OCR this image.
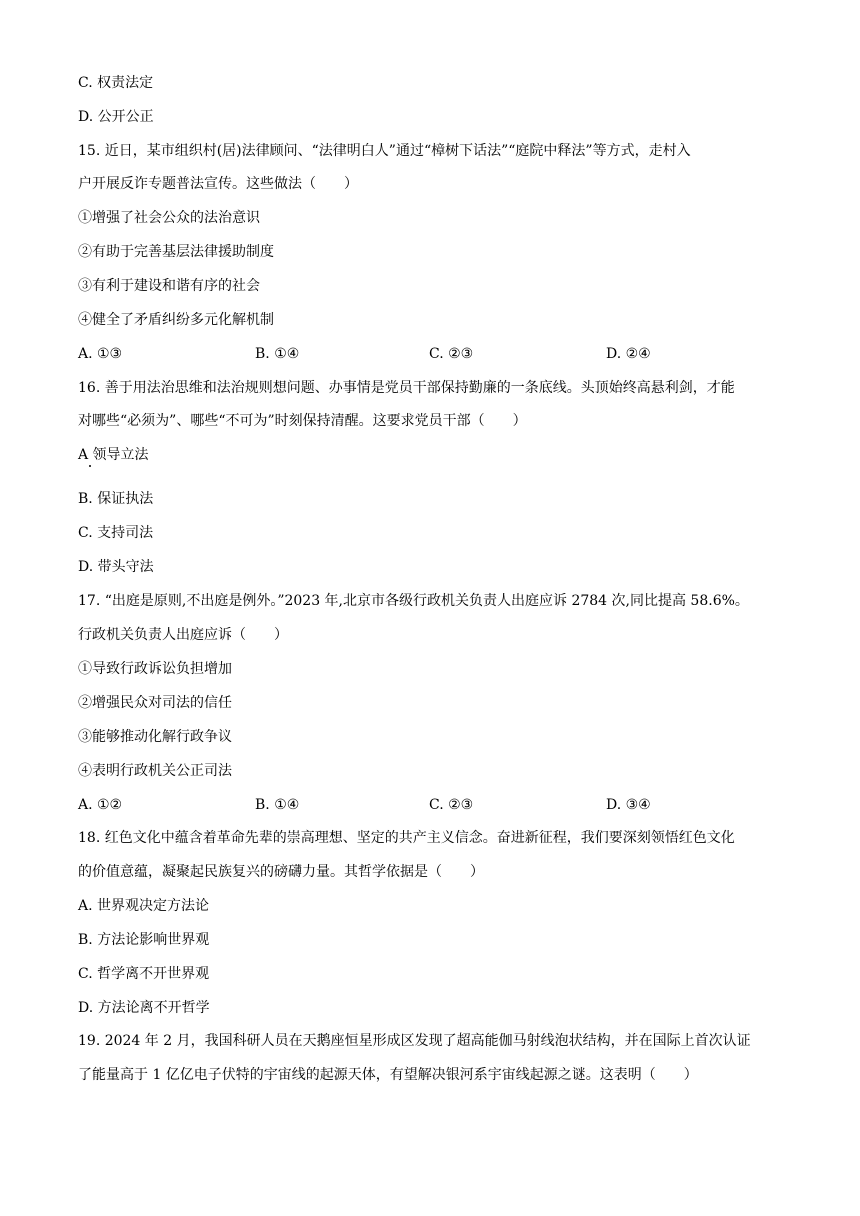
C. 权责法定
D. 公开公正
15. 近日，某市组织村(居)法律顾问、“法律明白人”通过“樟树下话法”“庭院中释法”等方式，走村入
户开展反诈专题普法宣传。这些做法（　　）
①增强了社会公众的法治意识
②有助于完善基层法律援助制度
③有利于建设和谐有序的社会
④健全了矛盾纠纷多元化解机制
A. ①③	B. ①④	C. ②③	D. ②④
16. 善于用法治思维和法治规则想问题、办事情是党员干部保持勤廉的一条底线。头顶始终高悬利剑，才能
对哪些“必须为”、哪些“不可为”时刻保持清醒。这要求党员干部（　　）
A 领导立法
B. 保证执法
C. 支持司法
D. 带头守法
17. “出庭是原则,不出庭是例外。”2023 年,北京市各级行政机关负责人出庭应诉 2784 次,同比提高 58.6%。
行政机关负责人出庭应诉（　　）
①导致行政诉讼负担增加
②增强民众对司法的信任
③能够推动化解行政争议
④表明行政机关公正司法
A. ①②	B. ①④	C. ②③	D. ③④
18. 红色文化中蕴含着革命先辈的崇高理想、坚定的共产主义信念。奋进新征程，我们要深刻领悟红色文化
的价值意蕴，凝聚起民族复兴的磅礴力量。其哲学依据是（　　）
A. 世界观决定方法论
B. 方法论影响世界观
C. 哲学离不开世界观
D. 方法论离不开哲学
19. 2024 年 2 月，我国科研人员在天鹅座恒星形成区发现了超高能伽马射线泡状结构，并在国际上首次认证
了能量高于 1 亿亿电子伏特的宇宙线的起源天体，有望解决银河系宇宙线起源之谜。这表明（　　）
